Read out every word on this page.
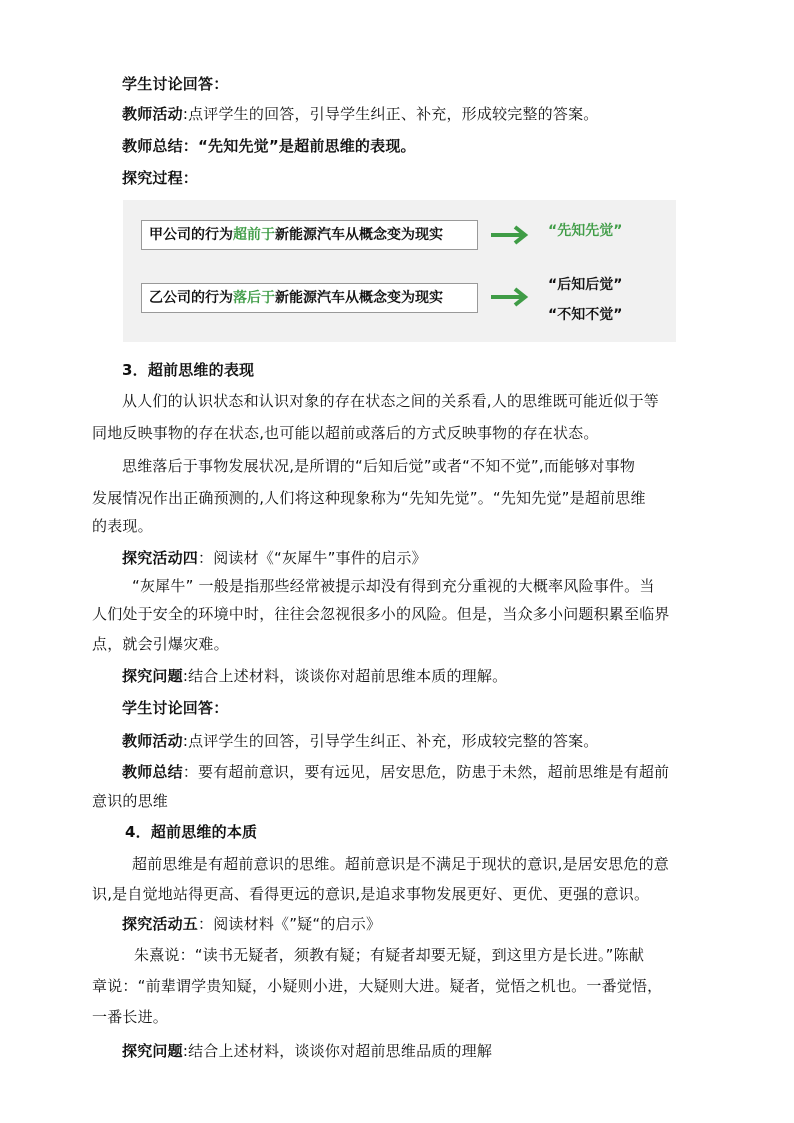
学生讨论回答：
教师活动:点评学生的回答，引导学生纠正、补充，形成较完整的答案。
教师总结：“先知先觉”是超前思维的表现。
探究过程：
甲公司的行为超前于新能源汽车从概念变为现实	“先知先觉”
乙公司的行为落后于新能源汽车从概念变为现实
“后知后觉”
“不知不觉”
3．超前思维的表现
从人们的认识状态和认识对象的存在状态之间的关系看,人的思维既可能近似于等
同地反映事物的存在状态,也可能以超前或落后的方式反映事物的存在状态。
思维落后于事物发展状况,是所谓的“后知后觉”或者“不知不觉”,而能够对事物
发展情况作出正确预测的,人们将这种现象称为“先知先觉”。“先知先觉”是超前思维
的表现。
探究活动四：阅读材《“灰犀牛”事件的启示》
“灰犀牛” 一般是指那些经常被提示却没有得到充分重视的大概率风险事件。当
人们处于安全的环境中时，往往会忽视很多小的风险。但是，当众多小问题积累至临界
点，就会引爆灾难。
探究问题:结合上述材料，谈谈你对超前思维本质的理解。
学生讨论回答：
教师活动:点评学生的回答，引导学生纠正、补充，形成较完整的答案。
教师总结：要有超前意识，要有远见，居安思危，防患于未然，超前思维是有超前
意识的思维
4．超前思维的本质
超前思维是有超前意识的思维。超前意识是不满足于现状的意识,是居安思危的意
识,是自觉地站得更高、看得更远的意识,是追求事物发展更好、更优、更强的意识。
探究活动五：阅读材料《”疑“的启示》
朱熹说：“读书无疑者，须教有疑；有疑者却要无疑，到这里方是长进。”陈献
章说：“前辈谓学贵知疑，小疑则小进，大疑则大进。疑者，觉悟之机也。一番觉悟，
一番长进。
探究问题:结合上述材料，谈谈你对超前思维品质的理解
